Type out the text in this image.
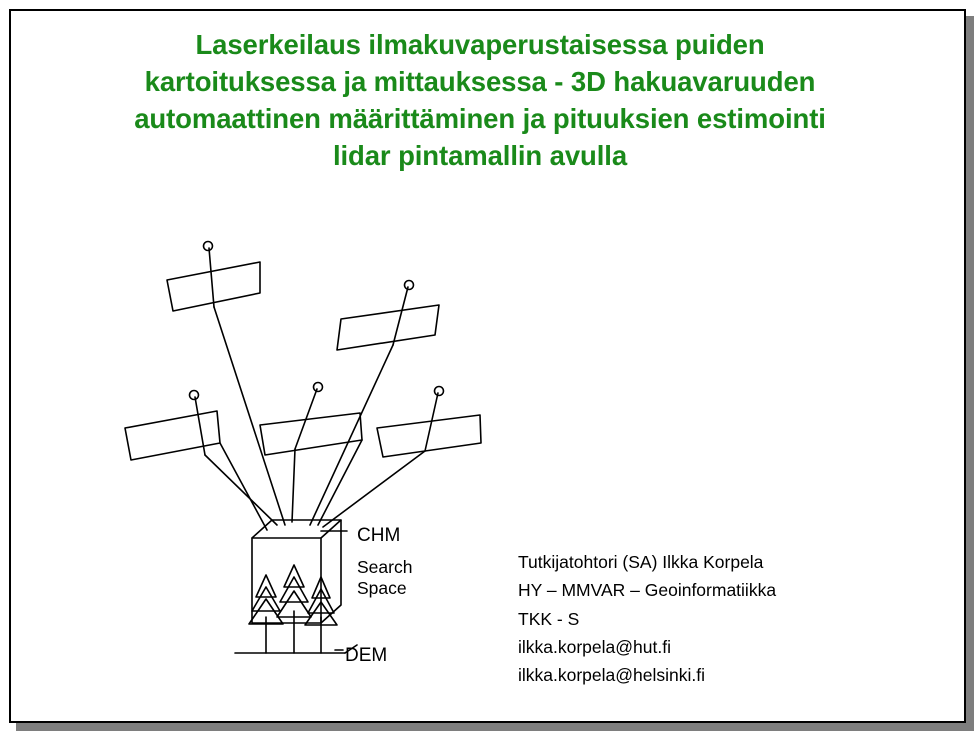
Laserkeilaus ilmakuvaperustaisessa puiden
kartoituksessa ja mittauksessa - 3D hakuavaruuden
automaattinen määrittäminen ja pituuksien estimointi
lidar pintamallin avulla
CHM
Search
Space
DEM
Tutkijatohtori (SA) Ilkka Korpela
HY – MMVAR – Geoinformatiikka
TKK - S
ilkka.korpela@hut.fi
ilkka.korpela@helsinki.fi
